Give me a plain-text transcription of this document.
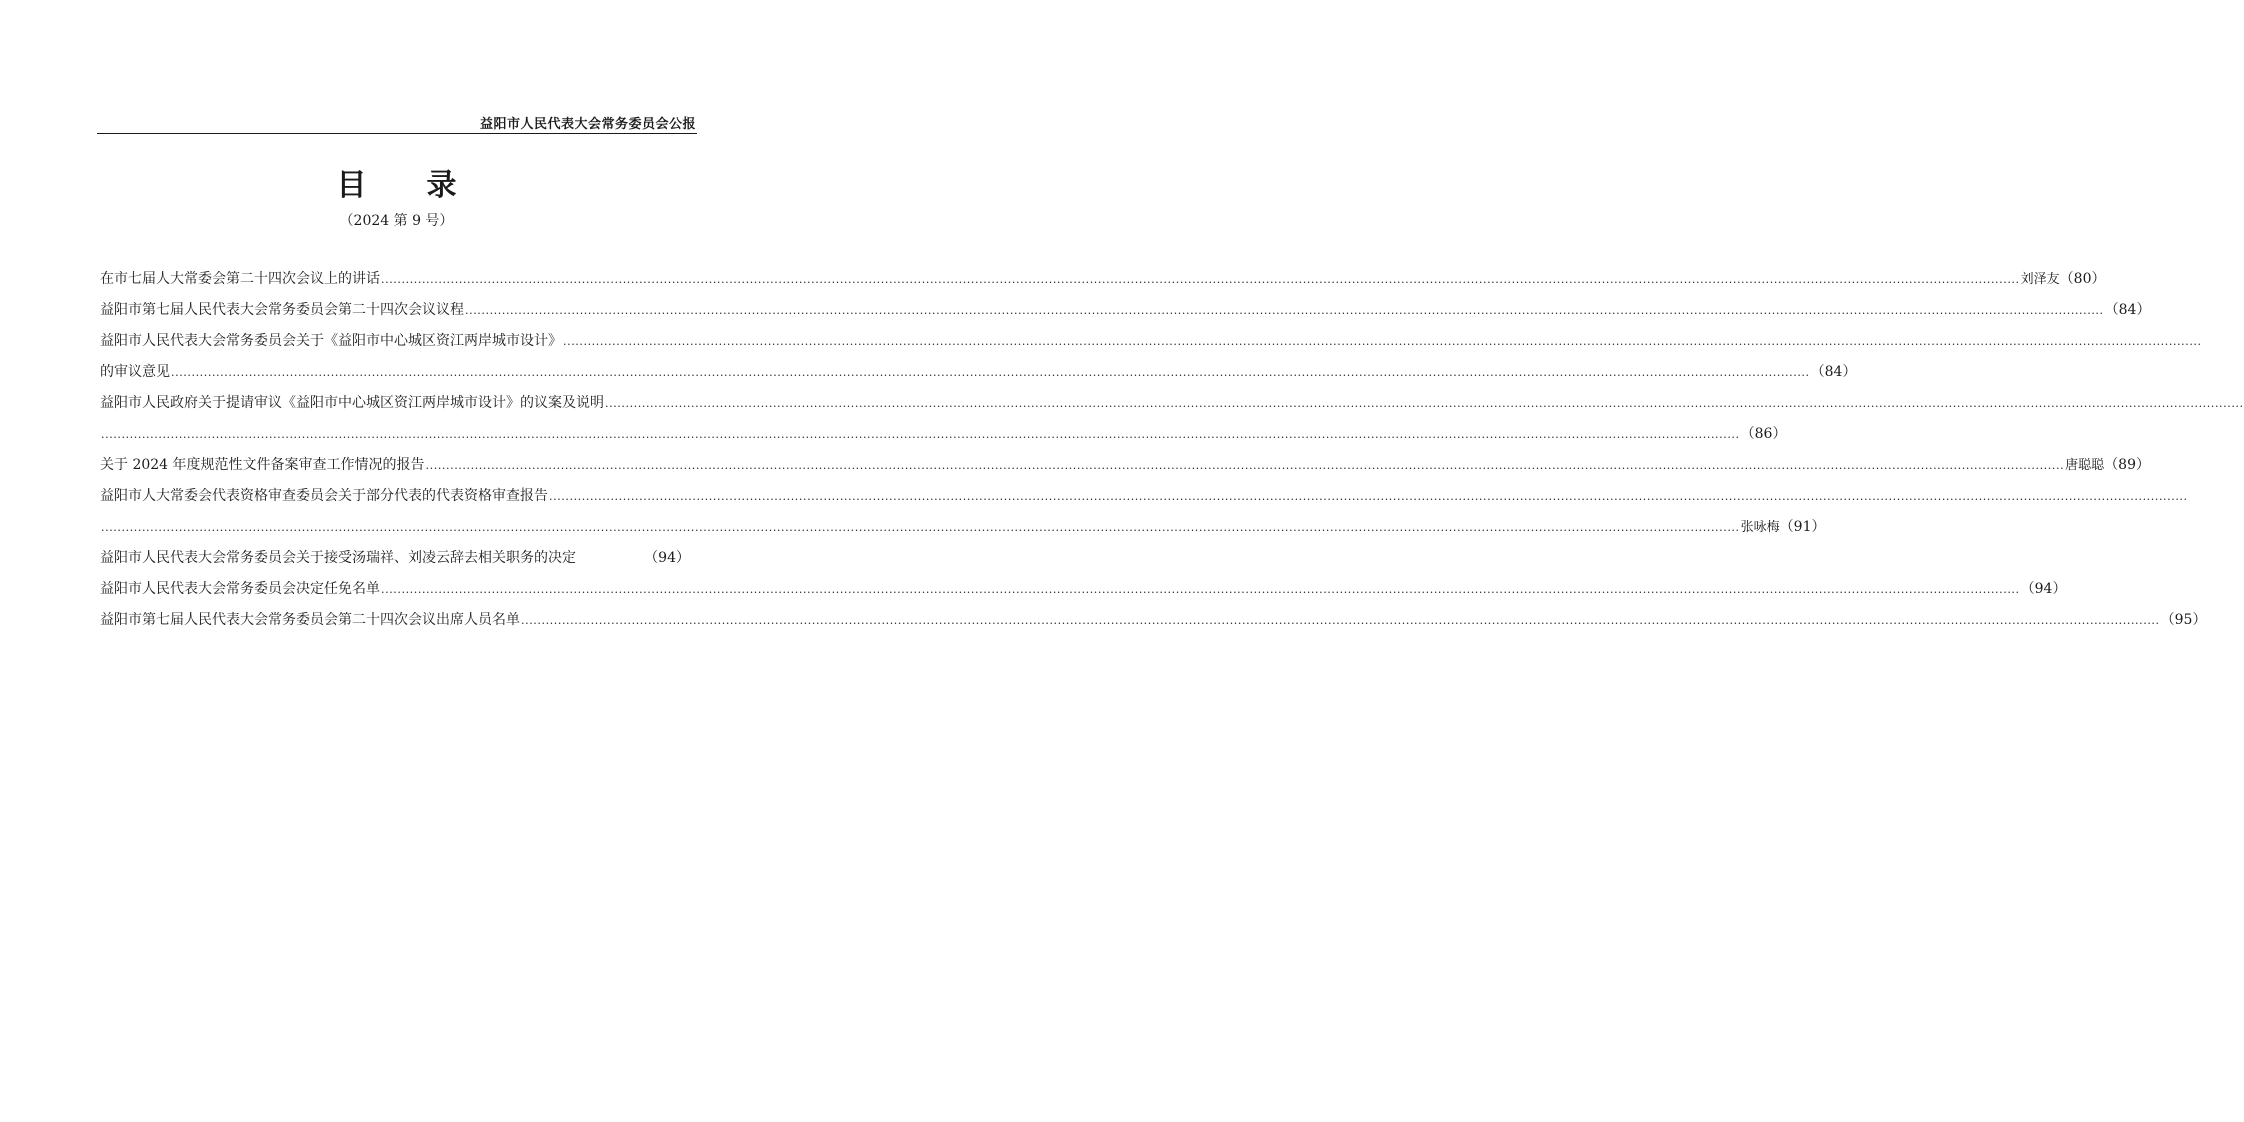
益阳市人民代表大会常务委员会公报
目　　录
（2024 第 9 号）
在市七届人大常委会第二十四次会议上的讲话 ................................................................................................................................................................................................................................................................................................................................................................................................................ 刘泽友 （80）
益阳市第七届人民代表大会常务委员会第二十四次会议议程 ................................................................................................................................................................................................................................................................................................................................................................................................................ （84）
益阳市人民代表大会常务委员会关于《益阳市中心城区资江两岸城市设计》 ................................................................................................................................................................................................................................................................................................................................................................................................................
的审议意见 ................................................................................................................................................................................................................................................................................................................................................................................................................ （84）
益阳市人民政府关于提请审议《益阳市中心城区资江两岸城市设计》的议案及说明 ................................................................................................................................................................................................................................................................................................................................................................................................................
................................................................................................................................................................................................................................................................................................................................................................................................................ （86）
关于 2024 年度规范性文件备案审查工作情况的报告 ................................................................................................................................................................................................................................................................................................................................................................................................................ 唐聪聪 （89）
益阳市人大常委会代表资格审查委员会关于部分代表的代表资格审查报告 ................................................................................................................................................................................................................................................................................................................................................................................................................
................................................................................................................................................................................................................................................................................................................................................................................................................ 张咏梅 （91）
益阳市人民代表大会常务委员会关于接受汤瑞祥、刘凌云辞去相关职务的决定	（94）
益阳市人民代表大会常务委员会决定任免名单 ................................................................................................................................................................................................................................................................................................................................................................................................................ （94）
益阳市第七届人民代表大会常务委员会第二十四次会议出席人员名单 ................................................................................................................................................................................................................................................................................................................................................................................................................ （95）
